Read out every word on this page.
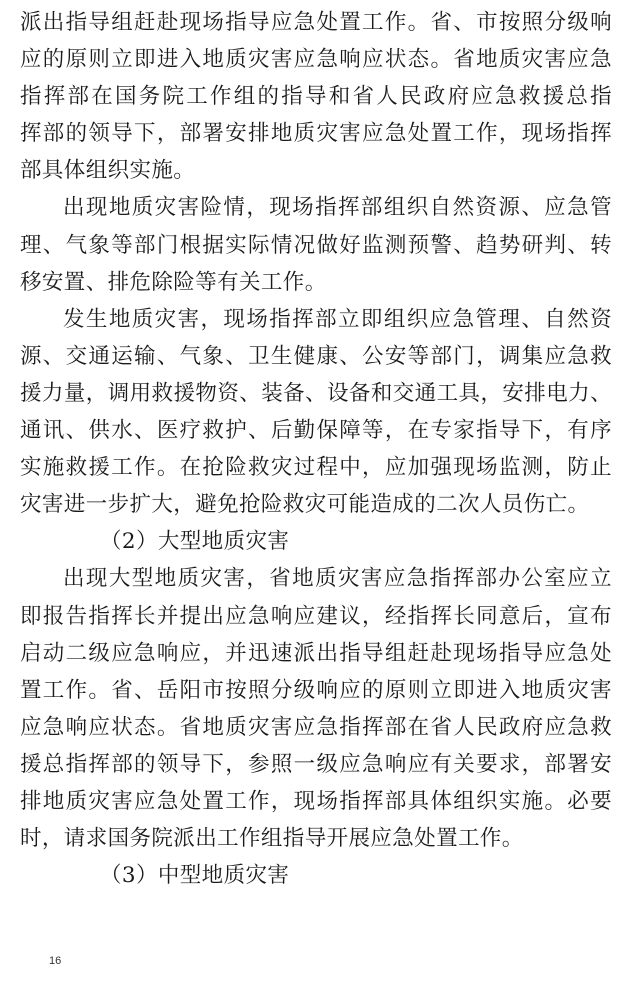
派出指导组赶赴现场指导应急处置工作。省、市按照分级响
应的原则立即进入地质灾害应急响应状态。省地质灾害应急
指挥部在国务院工作组的指导和省人民政府应急救援总指
挥部的领导下，部署安排地质灾害应急处置工作，现场指挥
部具体组织实施。
出现地质灾害险情，现场指挥部组织自然资源、应急管
理、气象等部门根据实际情况做好监测预警、趋势研判、转
移安置、排危除险等有关工作。
发生地质灾害，现场指挥部立即组织应急管理、自然资
源、交通运输、气象、卫生健康、公安等部门，调集应急救
援力量，调用救援物资、装备、设备和交通工具，安排电力、
通讯、供水、医疗救护、后勤保障等，在专家指导下，有序
实施救援工作。在抢险救灾过程中，应加强现场监测，防止
灾害进一步扩大，避免抢险救灾可能造成的二次人员伤亡。
（2）大型地质灾害
出现大型地质灾害，省地质灾害应急指挥部办公室应立
即报告指挥长并提出应急响应建议，经指挥长同意后，宣布
启动二级应急响应，并迅速派出指导组赶赴现场指导应急处
置工作。省、岳阳市按照分级响应的原则立即进入地质灾害
应急响应状态。省地质灾害应急指挥部在省人民政府应急救
援总指挥部的领导下，参照一级应急响应有关要求，部署安
排地质灾害应急处置工作，现场指挥部具体组织实施。必要
时，请求国务院派出工作组指导开展应急处置工作。
（3）中型地质灾害
16
